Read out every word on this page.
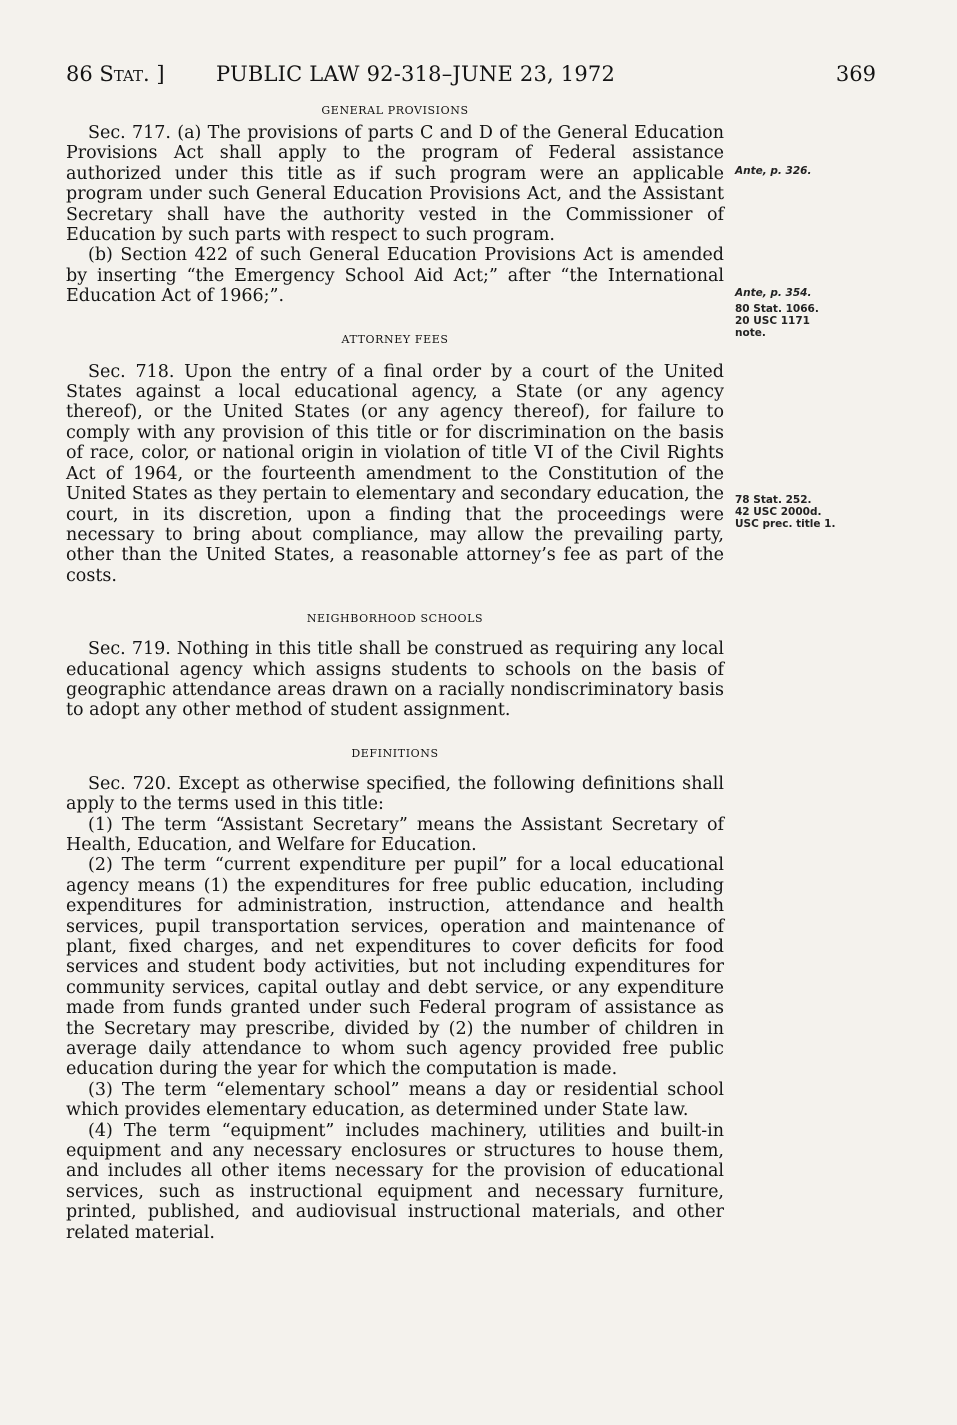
86 Stat. ] PUBLIC LAW 92-318–JUNE 23, 1972	369
GENERAL PROVISIONS

Sec. 717. (a) The provisions of parts C and D of the General Education Provisions Act shall apply to the program of Federal assistance authorized under this title as if such program were an applicable program under such General Education Provisions Act, and the Assistant Secretary shall have the authority vested in the Commissioner of Education by such parts with respect to such program.

(b) Section 422 of such General Education Provisions Act is amended by inserting “the Emergency School Aid Act;” after “the International Education Act of 1966;”.

ATTORNEY FEES

Sec. 718. Upon the entry of a final order by a court of the United States against a local educational agency, a State (or any agency thereof), or the United States (or any agency thereof), for failure to comply with any provision of this title or for discrimination on the basis of race, color, or national origin in violation of title VI of the Civil Rights Act of 1964, or the fourteenth amendment to the Constitution of the United States as they pertain to elementary and secondary education, the court, in its discretion, upon a finding that the proceedings were necessary to bring about compliance, may allow the prevailing party, other than the United States, a reasonable attorney’s fee as part of the costs.

NEIGHBORHOOD SCHOOLS

Sec. 719. Nothing in this title shall be construed as requiring any local educational agency which assigns students to schools on the basis of geographic attendance areas drawn on a racially nondiscriminatory basis to adopt any other method of student assignment.

DEFINITIONS

Sec. 720. Except as otherwise specified, the following definitions shall apply to the terms used in this title:

(1) The term “Assistant Secretary” means the Assistant Secretary of Health, Education, and Welfare for Education.

(2) The term “current expenditure per pupil” for a local educational agency means (1) the expenditures for free public education, including expenditures for administration, instruction, attendance and health services, pupil transportation services, operation and maintenance of plant, fixed charges, and net expenditures to cover deficits for food services and student body activities, but not including expenditures for community services, capital outlay and debt service, or any expenditure made from funds granted under such Federal program of assistance as the Secretary may prescribe, divided by (2) the number of children in average daily attendance to whom such agency provided free public education during the year for which the computation is made.

(3) The term “elementary school” means a day or residential school which provides elementary education, as determined under State law.

(4) The term “equipment” includes machinery, utilities and built-in equipment and any necessary enclosures or structures to house them, and includes all other items necessary for the provision of educational services, such as instructional equipment and necessary furniture, printed, published, and audiovisual instructional materials, and other related material.

Ante, p. 326.
Ante, p. 354.
80 Stat. 1066.
20 USC 1171
note.
78 Stat. 252.
42 USC 2000d.
USC prec. title 1.
